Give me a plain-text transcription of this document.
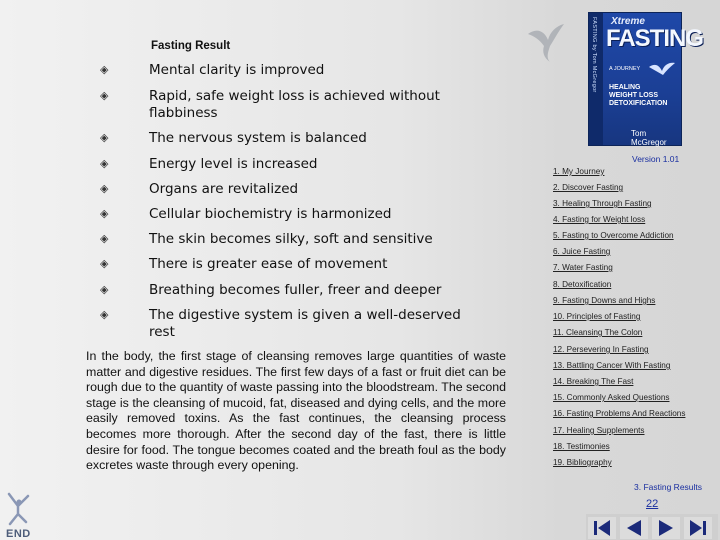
Fasting Result
◈	Mental clarity is improved
◈	Rapid, safe weight loss is achieved without flabbiness
◈	The nervous system is balanced
◈	Energy level is increased
◈	Organs are revitalized
◈	Cellular biochemistry is harmonized
◈	The skin becomes silky, soft and sensitive
◈	There is greater ease of movement
◈	Breathing becomes fuller, freer and deeper
◈	The digestive system is given a well-deserved rest

In the body, the first stage of cleansing removes large quantities of waste matter and digestive residues. The first few days of a fast or fruit diet can be rough due to the quantity of waste passing into the bloodstream. The second stage is the cleansing of mucoid, fat, diseased and dying cells, and the more easily removed toxins. As the fast continues, the cleansing process becomes more thorough. After the second day of the fast, there is little desire for food. The tongue becomes coated and the breath foul as the body excretes waste through every opening.

FASTING by Tom McGregor Xtreme
FASTING
A JOURNEY
HEALING
WEIGHT LOSS
DETOXIFICATION
Tom McGregor
Version 1.01
1. My Journey
2. Discover Fasting
3. Healing Through Fasting
4. Fasting for Weight loss
5. Fasting to Overcome Addiction
6. Juice Fasting
7. Water Fasting
8. Detoxification
9. Fasting Downs and Highs
10. Principles of Fasting
11. Cleansing The Colon
12. Persevering In Fasting
13. Battling Cancer With Fasting
14. Breaking The Fast
15. Commonly Asked Questions
16. Fasting Problems And Reactions
17. Healing Supplements
18. Testimonies
19. Bibliography
3. Fasting Results
22
END
